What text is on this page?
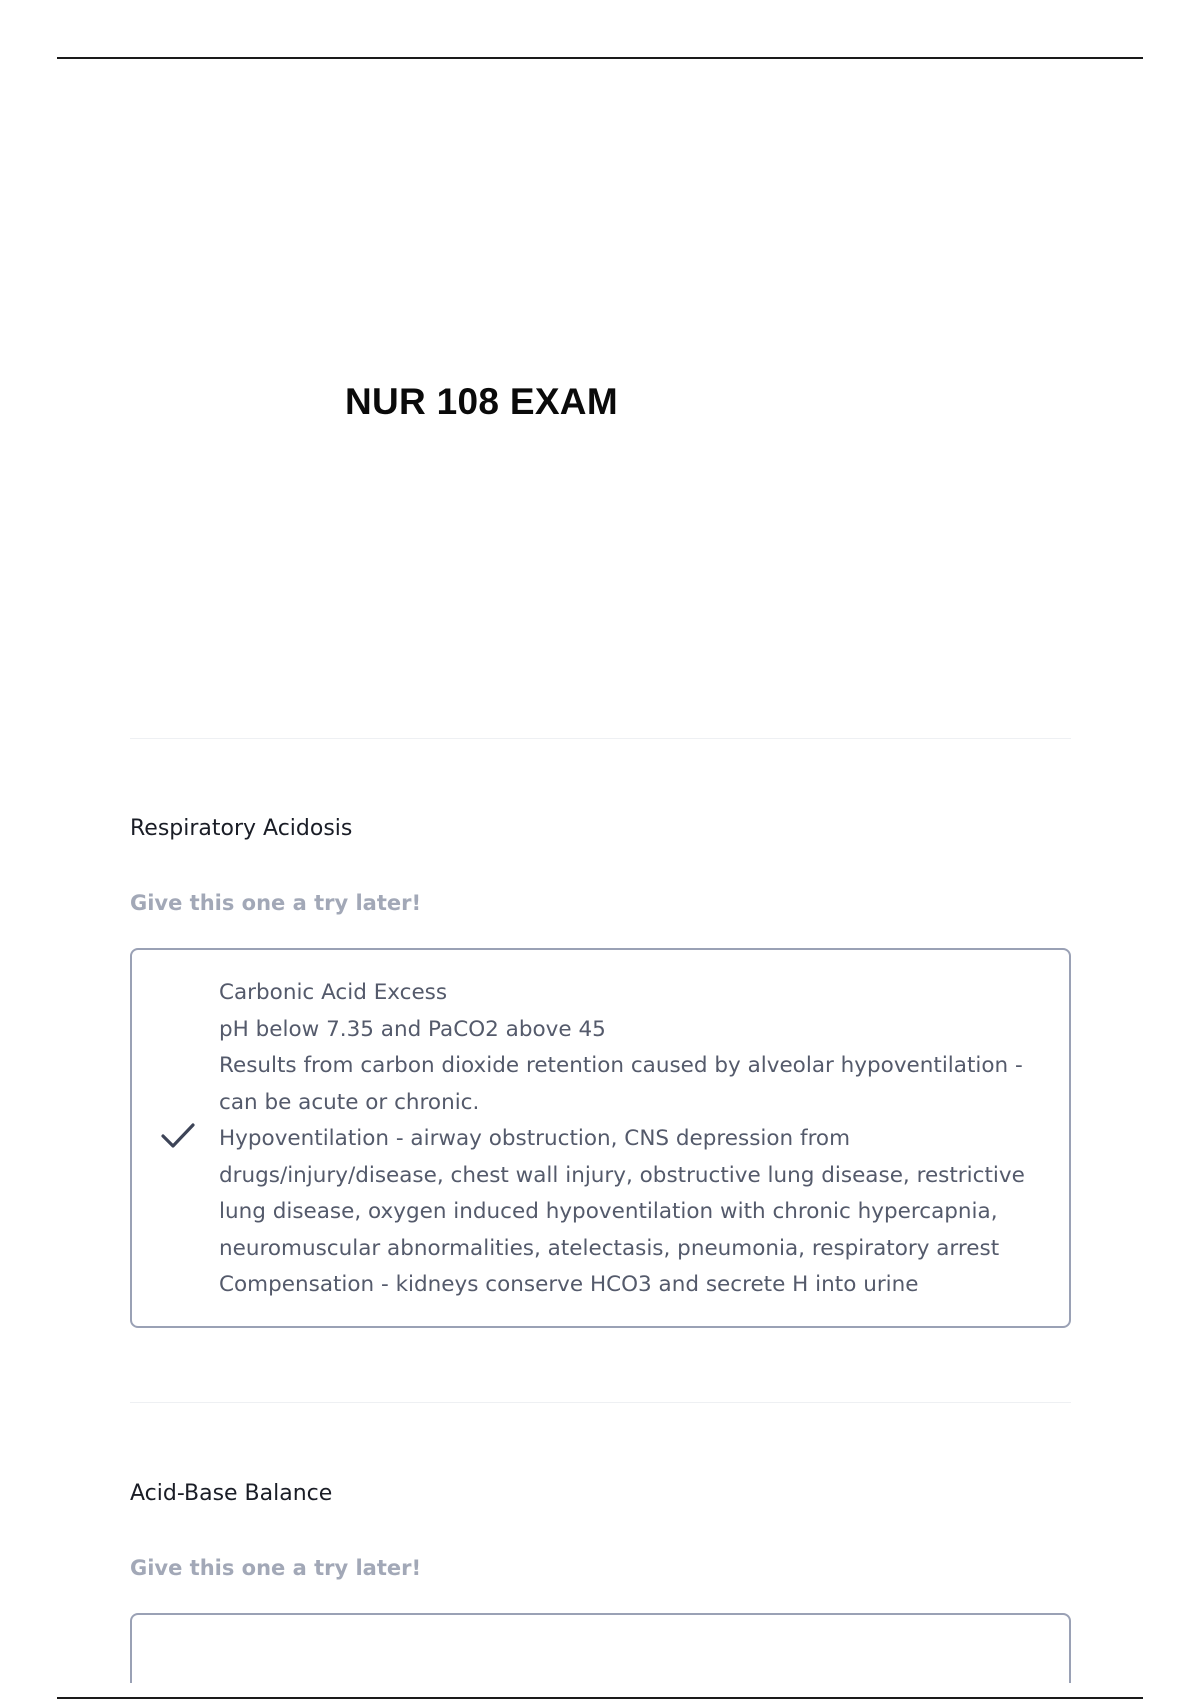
NUR 108 EXAM
Respiratory Acidosis

Give this one a try later!

Carbonic Acid Excess
pH below 7.35 and PaCO2 above 45
Results from carbon dioxide retention caused by alveolar hypoventilation -
can be acute or chronic.
Hypoventilation - airway obstruction, CNS depression from
drugs/injury/disease, chest wall injury, obstructive lung disease, restrictive
lung disease, oxygen induced hypoventilation with chronic hypercapnia,
neuromuscular abnormalities, atelectasis, pneumonia, respiratory arrest
Compensation - kidneys conserve HCO3 and secrete H into urine
Acid-Base Balance

Give this one a try later!
